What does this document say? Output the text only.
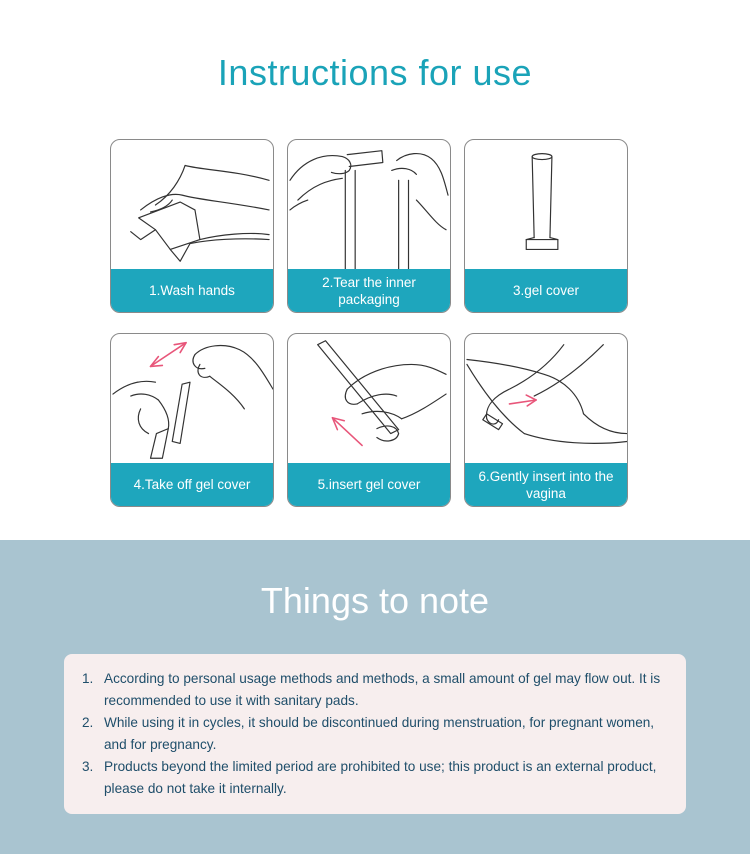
Instructions for use
1.Wash hands
2.Tear the inner packaging
3.gel cover
4.Take off gel cover	5.insert gel cover
6.Gently insert into the vagina
Things to note
1. According to personal usage methods and methods, a small amount of gel may flow out. It is recommended to use it with sanitary pads.
2. While using it in cycles, it should be discontinued during menstruation, for pregnant women, and for pregnancy.
3. Products beyond the limited period are prohibited to use; this product is an external product, please do not take it internally.
